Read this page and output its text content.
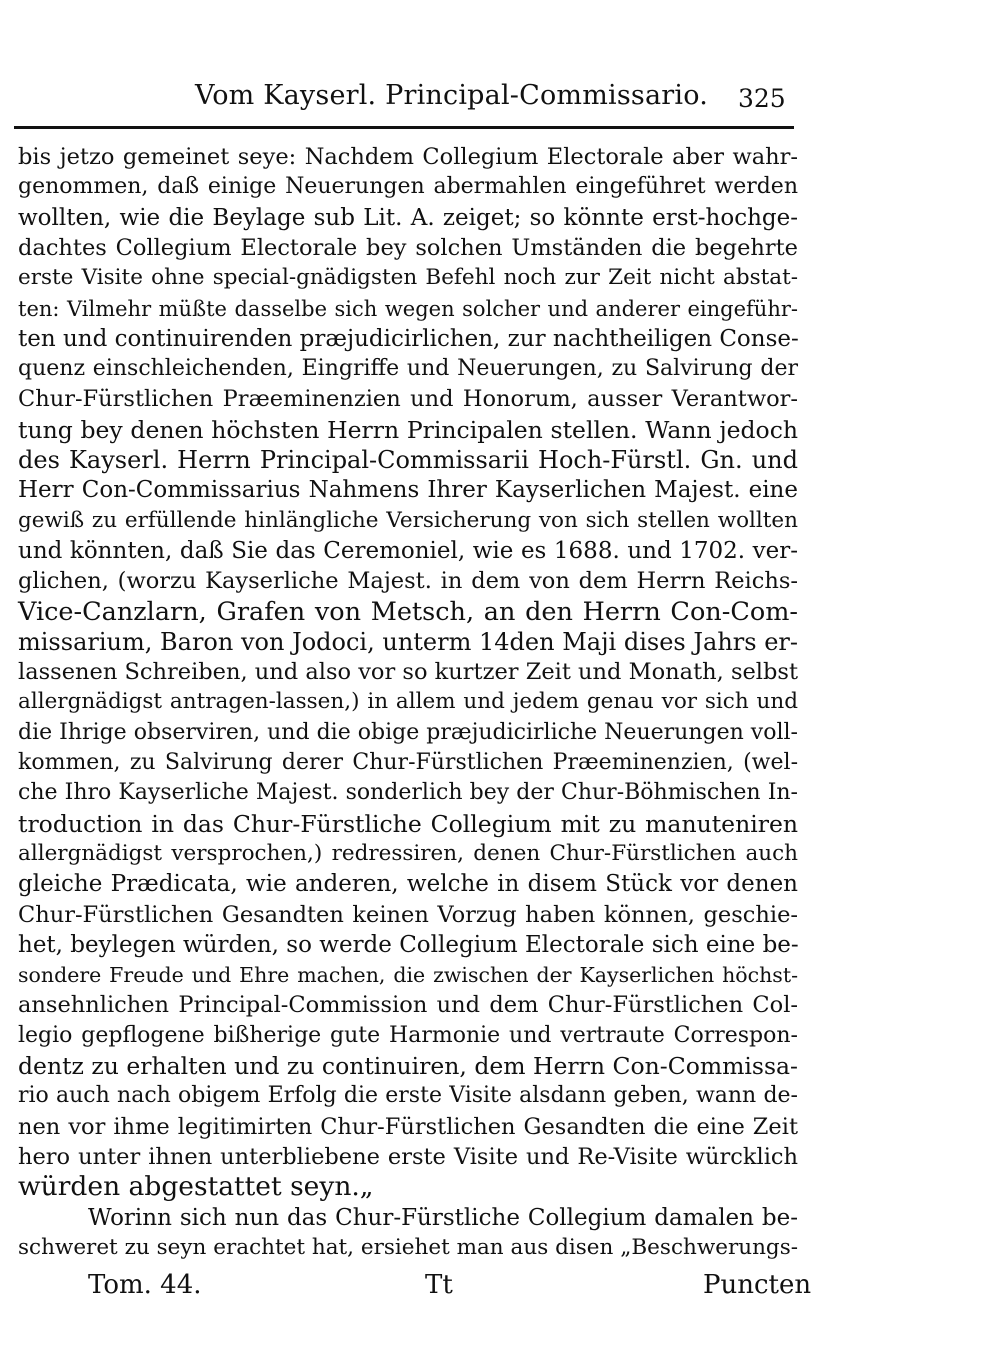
Vom Kayserl. Principal-Commissario. 325
bis jetzo gemeinet seye: Nachdem Collegium Electorale aber wahr-
genommen, daß einige Neuerungen abermahlen eingeführet werden
wollten, wie die Beylage sub Lit. A. zeiget; so könnte erst-hochge-
dachtes Collegium Electorale bey solchen Umständen die begehrte
erste Visite ohne special-gnädigsten Befehl noch zur Zeit nicht abstat-
ten: Vilmehr müßte dasselbe sich wegen solcher und anderer eingeführ-
ten und continuirenden præjudicirlichen, zur nachtheiligen Conse-
quenz einschleichenden, Eingriffe und Neuerungen, zu Salvirung der
Chur-Fürstlichen Præeminenzien und Honorum, ausser Verantwor-
tung bey denen höchsten Herrn Principalen stellen. Wann jedoch
des Kayserl. Herrn Principal-Commissarii Hoch-Fürstl. Gn. und
Herr Con-Commissarius Nahmens Ihrer Kayserlichen Majest. eine
gewiß zu erfüllende hinlängliche Versicherung von sich stellen wollten
und könnten, daß Sie das Ceremoniel, wie es 1688. und 1702. ver-
glichen, (worzu Kayserliche Majest. in dem von dem Herrn Reichs-
Vice-Canzlarn, Grafen von Metsch, an den Herrn Con-Com-
missarium, Baron von Jodoci, unterm 14den Maji dises Jahrs er-
lassenen Schreiben, und also vor so kurtzer Zeit und Monath, selbst
allergnädigst antragen-lassen,) in allem und jedem genau vor sich und
die Ihrige observiren, und die obige præjudicirliche Neuerungen voll-
kommen, zu Salvirung derer Chur-Fürstlichen Præeminenzien, (wel-
che Ihro Kayserliche Majest. sonderlich bey der Chur-Böhmischen In-
troduction in das Chur-Fürstliche Collegium mit zu manuteniren
allergnädigst versprochen,) redressiren, denen Chur-Fürstlichen auch
gleiche Prædicata, wie anderen, welche in disem Stück vor denen
Chur-Fürstlichen Gesandten keinen Vorzug haben können, geschie-
het, beylegen würden, so werde Collegium Electorale sich eine be-
sondere Freude und Ehre machen, die zwischen der Kayserlichen höchst-
ansehnlichen Principal-Commission und dem Chur-Fürstlichen Col-
legio gepflogene bißherige gute Harmonie und vertraute Correspon-
dentz zu erhalten und zu continuiren, dem Herrn Con-Commissa-
rio auch nach obigem Erfolg die erste Visite alsdann geben, wann de-
nen vor ihme legitimirten Chur-Fürstlichen Gesandten die eine Zeit
hero unter ihnen unterbliebene erste Visite und Re-Visite würcklich
würden abgestattet seyn.„
Worinn sich nun das Chur-Fürstliche Collegium damalen be-
schweret zu seyn erachtet hat, ersiehet man aus disen „Beschwerungs-
Tom. 44.	Tt	Puncten
